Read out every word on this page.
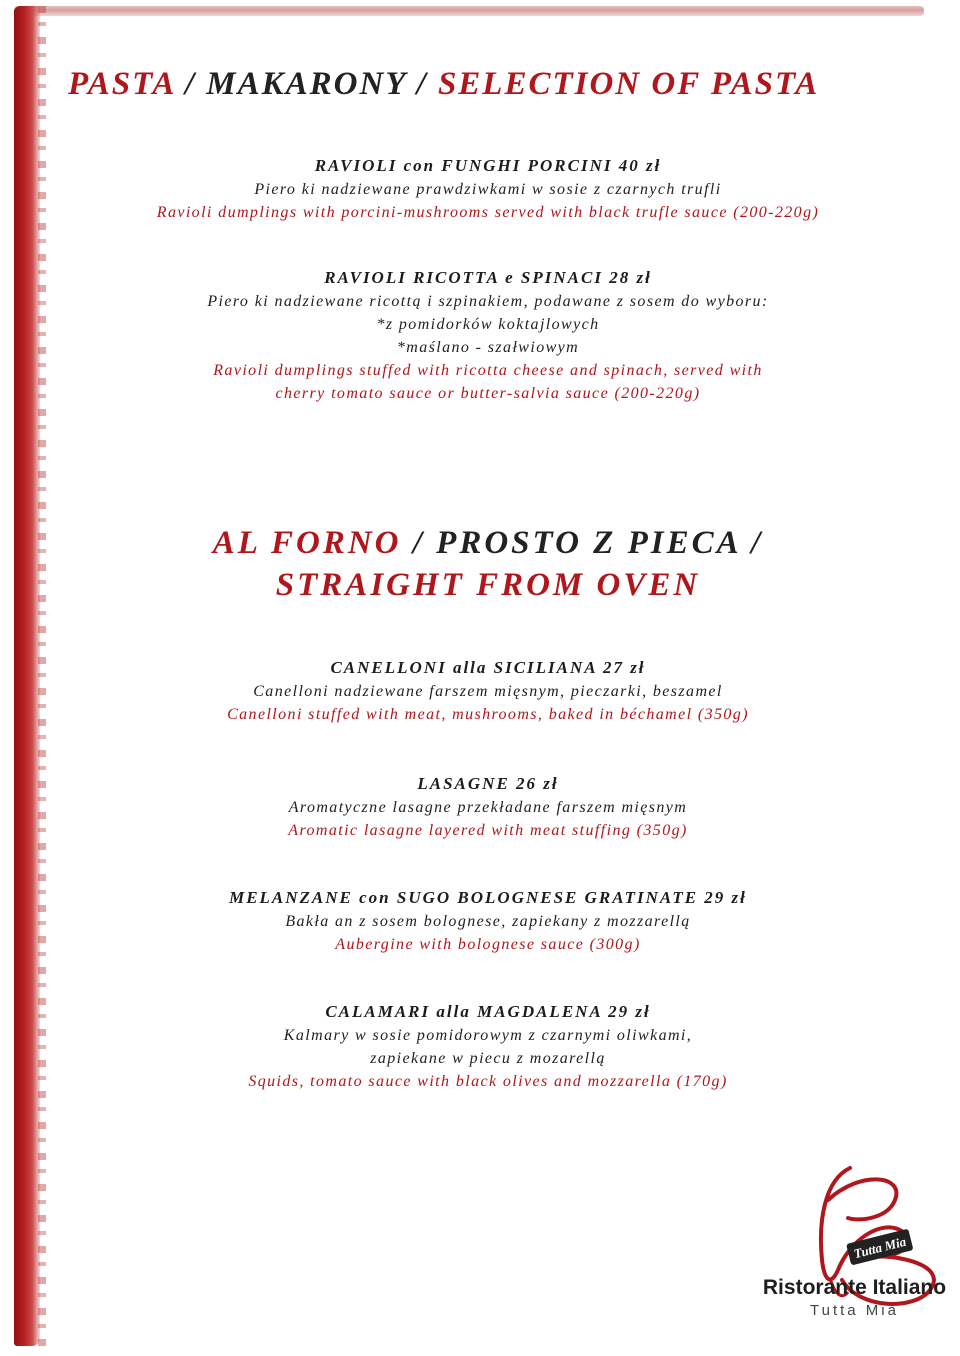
PASTA / MAKARONY / SELECTION OF PASTA
RAVIOLI con FUNGHI PORCINI 40 zł
Piero ki nadziewane prawdziwkami w sosie z czarnych trufli
Ravioli dumplings with porcini-mushrooms served with black trufle sauce (200-220g)
RAVIOLI RICOTTA e SPINACI 28 zł
Piero ki nadziewane ricottą i szpinakiem, podawane z sosem do wyboru:
*z pomidorków koktajlowych
*maślano - szałwiowym
Ravioli dumplings stuffed with ricotta cheese and spinach, served with
cherry tomato sauce or butter-salvia sauce (200-220g)
AL FORNO / PROSTO Z PIECA /
STRAIGHT FROM OVEN
CANELLONI alla SICILIANA 27 zł
Canelloni nadziewane farszem mięsnym, pieczarki, beszamel
Canelloni stuffed with meat, mushrooms, baked in béchamel (350g)
LASAGNE 26 zł
Aromatyczne lasagne przekładane farszem mięsnym
Aromatic lasagne layered with meat stuffing (350g)
MELANZANE con SUGO BOLOGNESE GRATINATE 29 zł
Bakła an z sosem bolognese, zapiekany z mozzarellą
Aubergine with bolognese sauce (300g)
CALAMARI alla MAGDALENA 29 zł
Kalmary w sosie pomidorowym z czarnymi oliwkami,
zapiekane w piecu z mozarellą
Squids, tomato sauce with black olives and mozzarella (170g)
Tutta Mia
Ristorante Italiano
Tutta Mia
